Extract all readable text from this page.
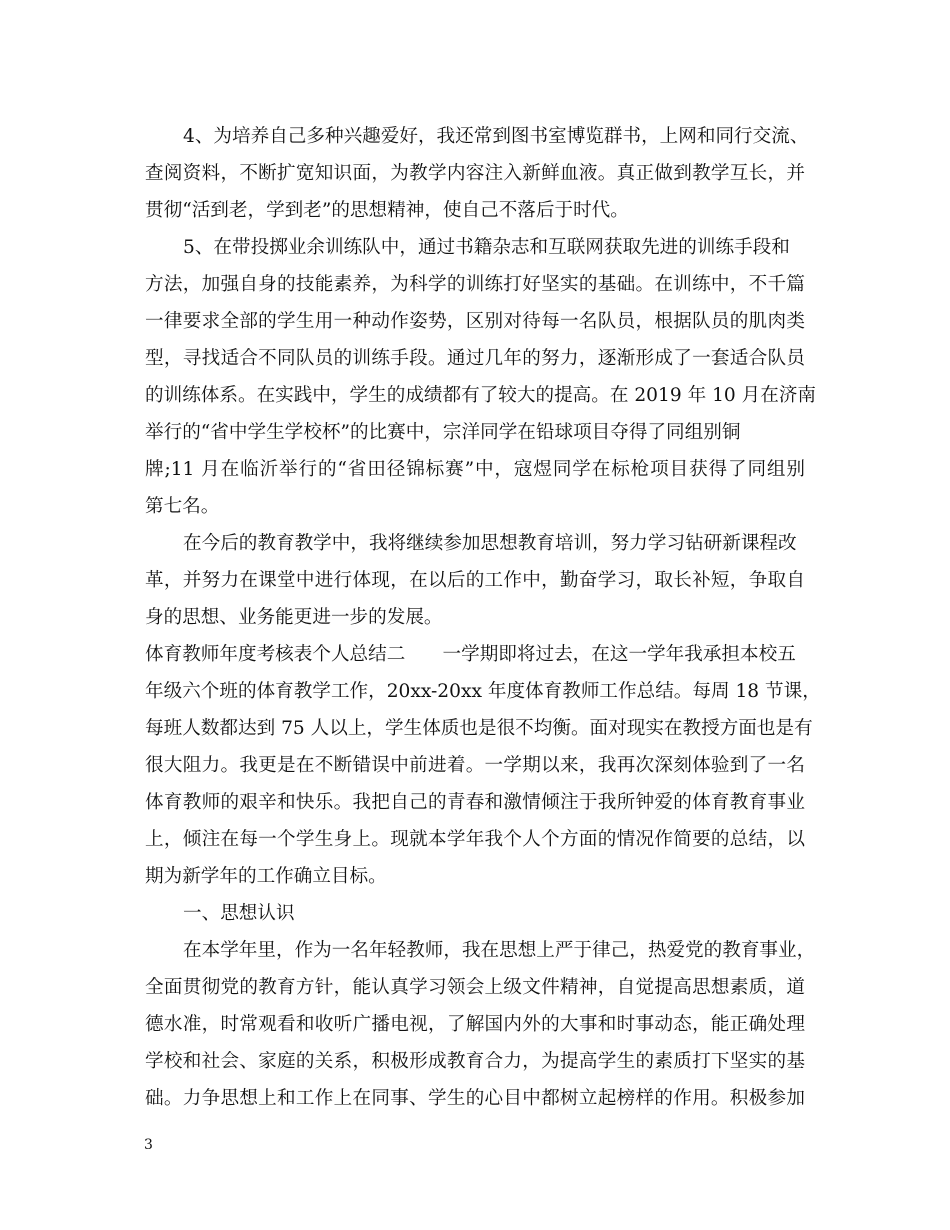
4、为培养自己多种兴趣爱好，我还常到图书室博览群书，上网和同行交流、
查阅资料，不断扩宽知识面，为教学内容注入新鲜血液。真正做到教学互长，并
贯彻“活到老，学到老”的思想精神，使自己不落后于时代。
5、在带投掷业余训练队中，通过书籍杂志和互联网获取先进的训练手段和
方法，加强自身的技能素养，为科学的训练打好坚实的基础。在训练中，不千篇
一律要求全部的学生用一种动作姿势，区别对待每一名队员，根据队员的肌肉类
型，寻找适合不同队员的训练手段。通过几年的努力，逐渐形成了一套适合队员
的训练体系。在实践中，学生的成绩都有了较大的提高。在 2019 年 10 月在济南
举行的“省中学生学校杯”的比赛中，宗洋同学在铅球项目夺得了同组别铜
牌;11 月在临沂举行的“省田径锦标赛”中，寇煜同学在标枪项目获得了同组别
第七名。
在今后的教育教学中，我将继续参加思想教育培训，努力学习钻研新课程改
革，并努力在课堂中进行体现，在以后的工作中，勤奋学习，取长补短，争取自
身的思想、业务能更进一步的发展。
体育教师年度考核表个人总结二　　一学期即将过去，在这一学年我承担本校五
年级六个班的体育教学工作，20xx-20xx 年度体育教师工作总结。每周 18 节课，
每班人数都达到 75 人以上，学生体质也是很不均衡。面对现实在教授方面也是有
很大阻力。我更是在不断错误中前进着。一学期以来，我再次深刻体验到了一名
体育教师的艰辛和快乐。我把自己的青春和激情倾注于我所钟爱的体育教育事业
上，倾注在每一个学生身上。现就本学年我个人个方面的情况作简要的总结，以
期为新学年的工作确立目标。
一、思想认识
在本学年里，作为一名年轻教师，我在思想上严于律己，热爱党的教育事业，
全面贯彻党的教育方针，能认真学习领会上级文件精神，自觉提高思想素质，道
德水准，时常观看和收听广播电视，了解国内外的大事和时事动态，能正确处理
学校和社会、家庭的关系，积极形成教育合力，为提高学生的素质打下坚实的基
础。力争思想上和工作上在同事、学生的心目中都树立起榜样的作用。积极参加
3
